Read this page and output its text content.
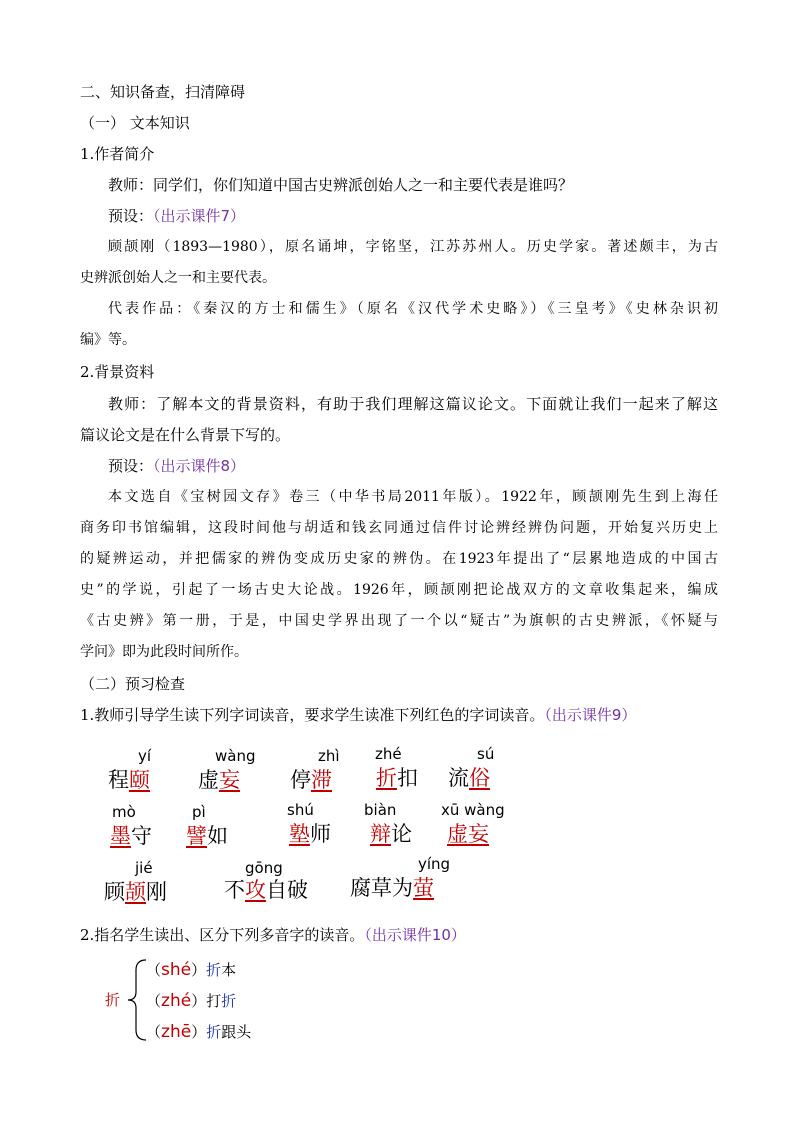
二、知识备查，扫清障碍
（一） 文本知识
1.作者简介
教师：同学们，你们知道中国古史辨派创始人之一和主要代表是谁吗？
预设：（出示课件7）
顾颉刚（1893—1980），原名诵坤，字铭坚，江苏苏州人。历史学家。著述颇丰，为古
史辨派创始人之一和主要代表。
代表作品：《秦汉的方士和儒生》（原名《汉代学术史略》）《三皇考》《史林杂识初
编》等。
2.背景资料
教师：了解本文的背景资料，有助于我们理解这篇议论文。下面就让我们一起来了解这
篇议论文是在什么背景下写的。
预设：（出示课件8）
本文选自《宝树园文存》卷三（中华书局2011年版）。1922年，顾颉刚先生到上海任
商务印书馆编辑，这段时间他与胡适和钱玄同通过信件讨论辨经辨伪问题，开始复兴历史上
的疑辨运动，并把儒家的辨伪变成历史家的辨伪。在1923年提出了“层累地造成的中国古
史”的学说，引起了一场古史大论战。1926年，顾颉刚把论战双方的文章收集起来，编成
《古史辨》第一册，于是，中国史学界出现了一个以“疑古”为旗帜的古史辨派，《怀疑与
学问》即为此段时间所作。
（二）预习检查
1.教师引导学生读下列字词读音，要求学生读准下列红色的字词读音。（出示课件9）
yí
程颐
wàng
虚妄
zhì
停滞
zhé
折扣
sú
流俗
mò
墨守
pì
譬如
shú
塾师
biàn
辩论
xū wàng
虚妄
jié
顾颉刚
gōng
不攻自破
yíng
腐草为萤
2.指名学生读出、区分下列多音字的读音。（出示课件10）
折
（shé）折本
（zhé）打折
（zhē）折跟头
